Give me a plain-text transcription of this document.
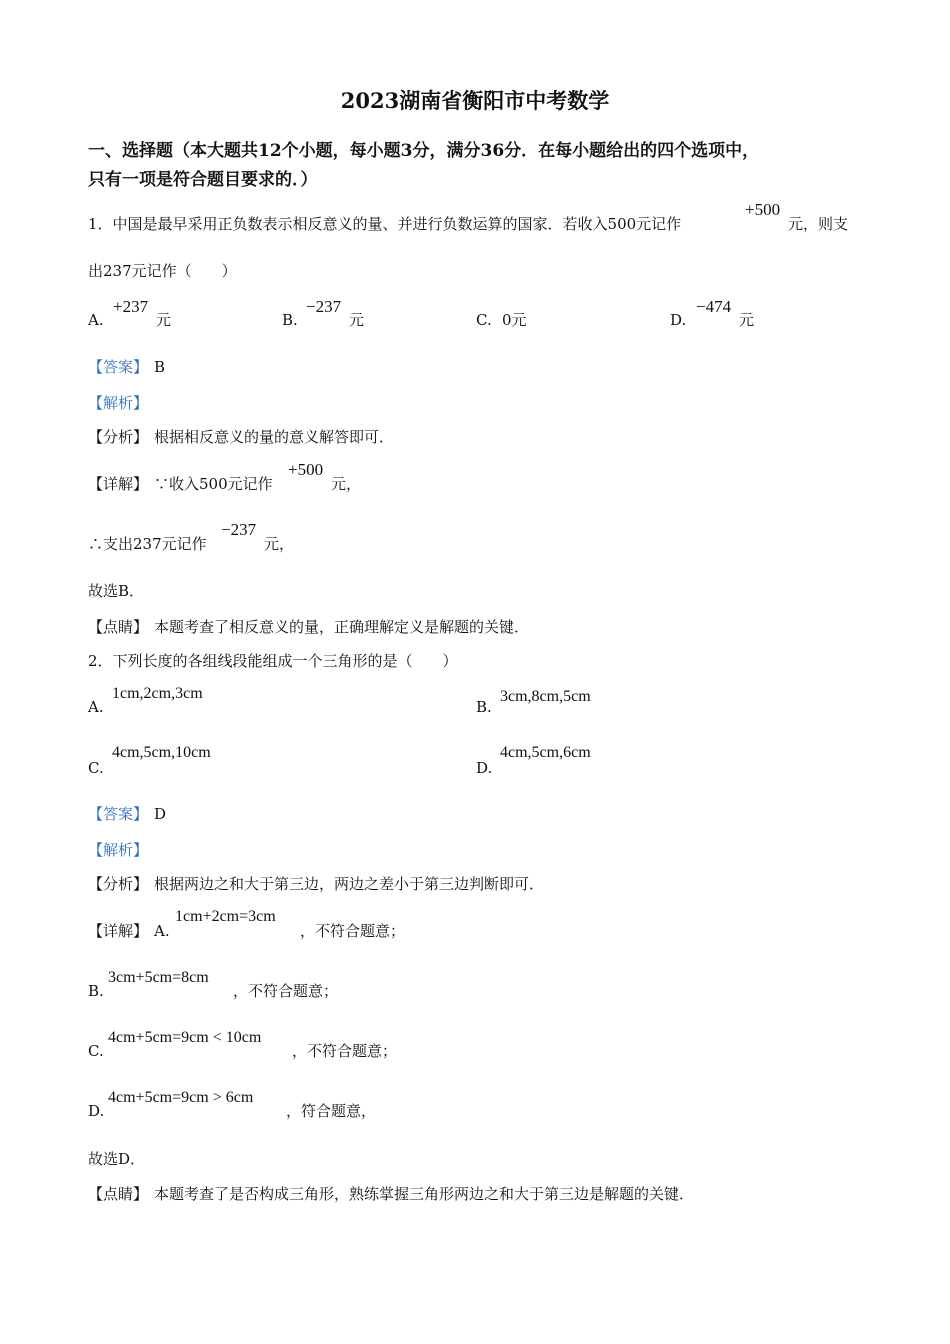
2023湖南省衡阳市中考数学
一、选择题（本大题共12个小题，每小题3分，满分36分．在每小题给出的四个选项中，
只有一项是符合题目要求的．）
1．中国是最早采用正负数表示相反意义的量、并进行负数运算的国家．若收入500元记作
+500
元，则支
出237元记作（　　）
A.
+237
元	B.
−237
元	C. 0元	D.
−474
元
【答案】 B
【解析】
【分析】 根据相反意义的量的意义解答即可．
【详解】 ∵收入500元记作
+500
元，
∴支出237元记作
−237
元，
故选B．
【点睛】 本题考查了相反意义的量，正确理解定义是解题的关键．
2．下列长度的各组线段能组成一个三角形的是（　　）
A.
1cm,2cm,3cm
B.
3cm,8cm,5cm
C.
4cm,5cm,10cm
D.
4cm,5cm,6cm
【答案】 D
【解析】
【分析】 根据两边之和大于第三边，两边之差小于第三边判断即可．
【详解】 A.
1cm+2cm=3cm
，不符合题意；
B.
3cm+5cm=8cm
，不符合题意；
C.
4cm+5cm=9cm < 10cm
，不符合题意；
D.
4cm+5cm=9cm > 6cm
，符合题意，
故选D．
【点睛】 本题考查了是否构成三角形，熟练掌握三角形两边之和大于第三边是解题的关键．
